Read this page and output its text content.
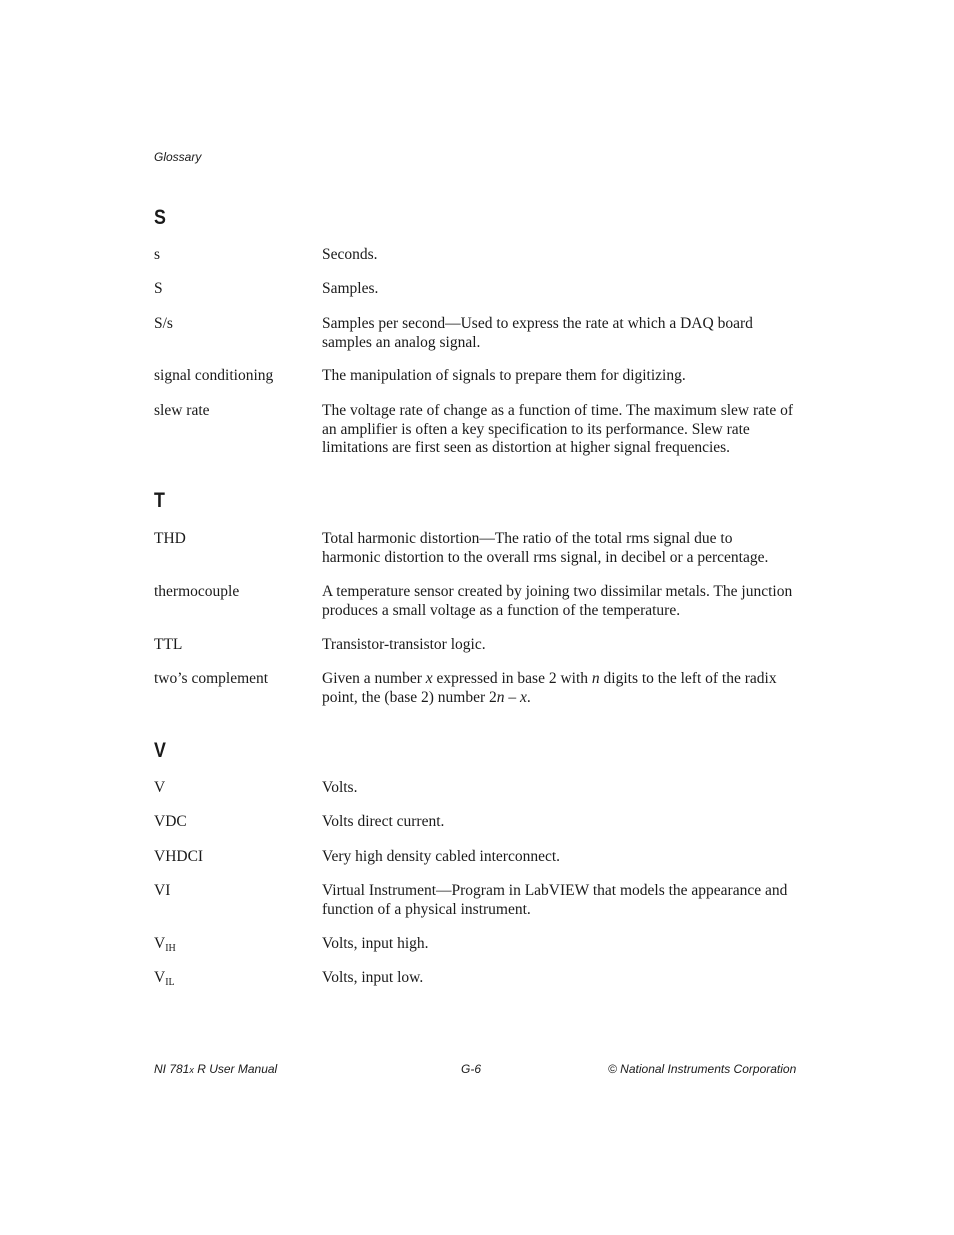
Glossary
S
s	Seconds.
S	Samples.
S/s	Samples per second—Used to express the rate at which a DAQ board samples an analog signal.
signal conditioning	The manipulation of signals to prepare them for digitizing.
slew rate	The voltage rate of change as a function of time. The maximum slew rate of an amplifier is often a key specification to its performance. Slew rate limitations are first seen as distortion at higher signal frequencies.
T
THD	Total harmonic distortion—The ratio of the total rms signal due to harmonic distortion to the overall rms signal, in decibel or a percentage.
thermocouple	A temperature sensor created by joining two dissimilar metals. The junction produces a small voltage as a function of the temperature.
TTL	Transistor-transistor logic.
two’s complement	Given a number x expressed in base 2 with n digits to the left of the radix point, the (base 2) number 2n – x.
V
V	Volts.
VDC	Volts direct current.
VHDCI	Very high density cabled interconnect.
VI	Virtual Instrument—Program in LabVIEW that models the appearance and function of a physical instrument.
$V_{IH}$	Volts, input high.
$V_{IL}$	Volts, input low.
NI 781x R User Manual	G-6	© National Instruments Corporation
